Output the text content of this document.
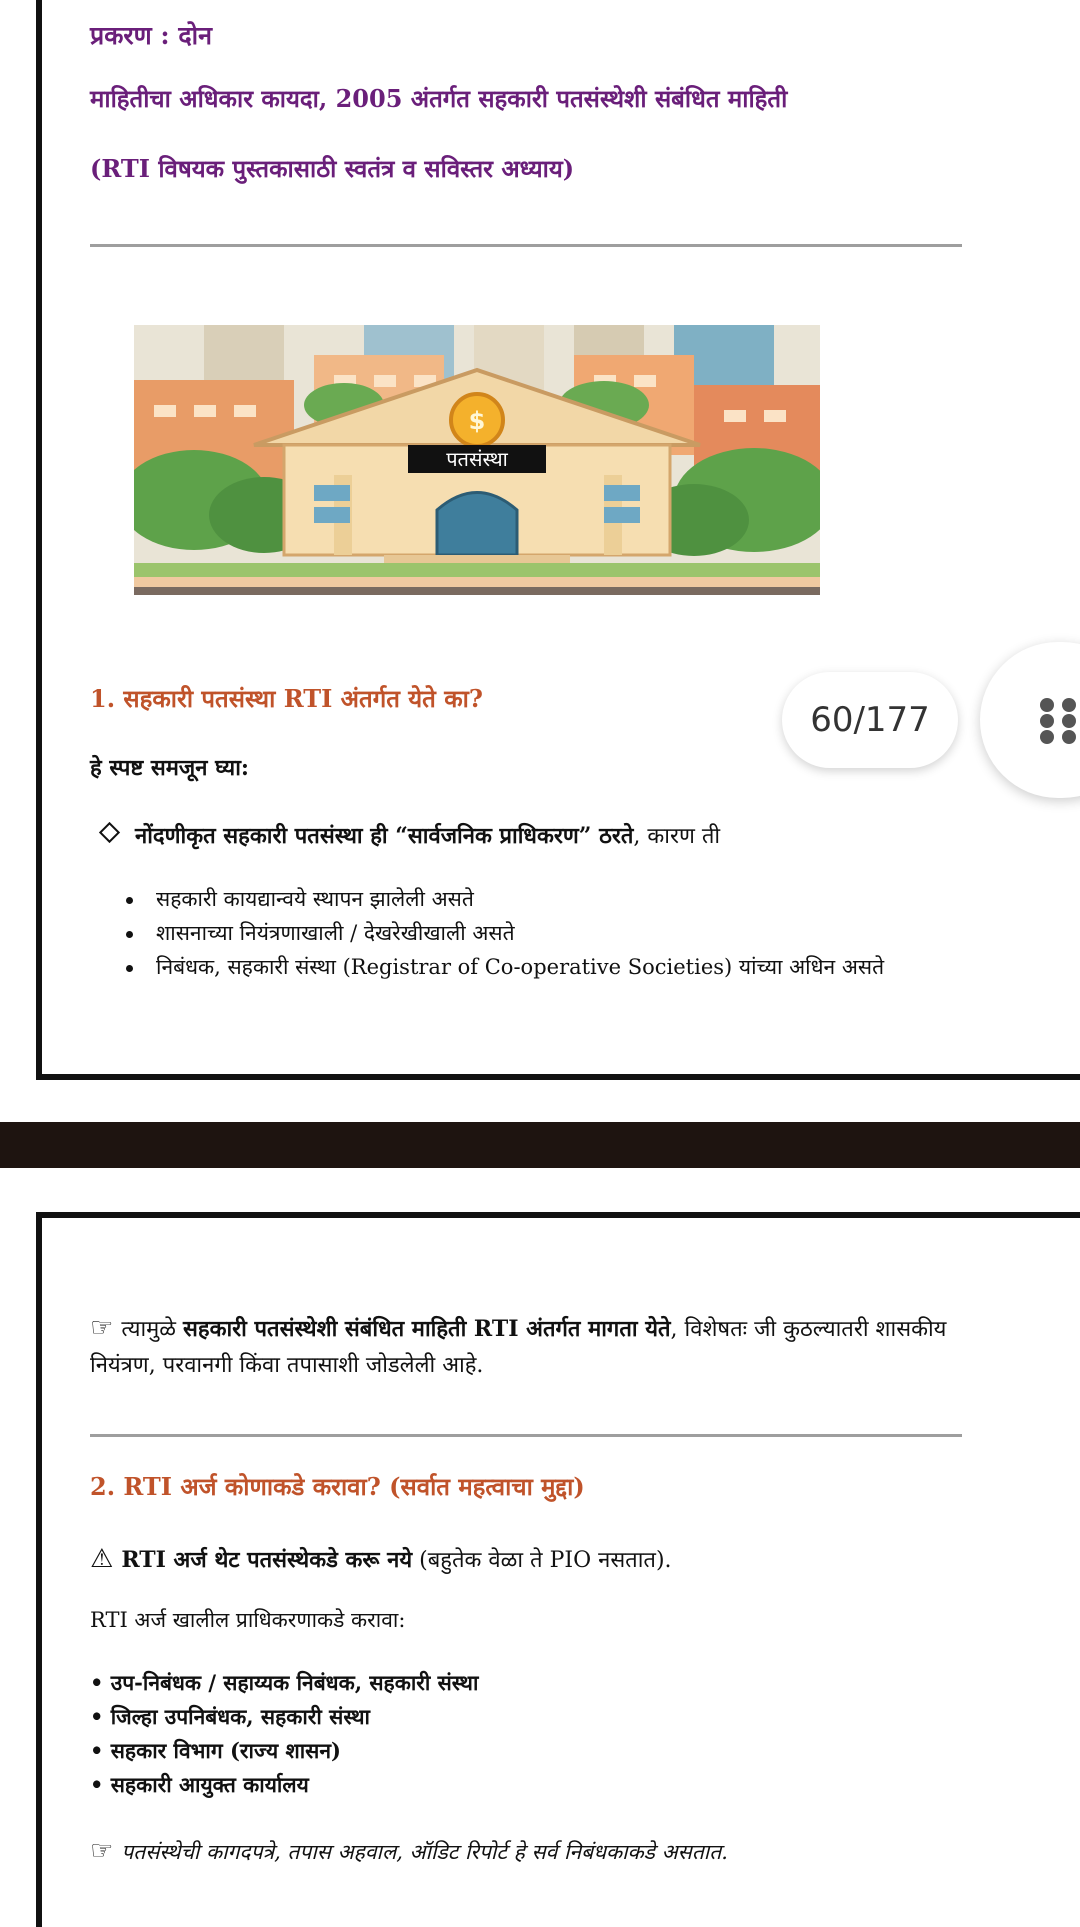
प्रकरण : दोन
माहितीचा अधिकार कायदा, 2005 अंतर्गत सहकारी पतसंस्थेशी संबंधित माहिती
(RTI विषयक पुस्तकासाठी स्वतंत्र व सविस्तर अध्याय)
$
पतसंस्था
1. सहकारी पतसंस्था RTI अंतर्गत येते का?
हे स्पष्ट समजून घ्या:
नोंदणीकृत सहकारी पतसंस्था ही “सार्वजनिक प्राधिकरण” ठरते, कारण ती
सहकारी कायद्यान्वये स्थापन झालेली असते
शासनाच्या नियंत्रणाखाली / देखरेखीखाली असते
निबंधक, सहकारी संस्था (Registrar of Co-operative Societies) यांच्या अधिन असते
☞ त्यामुळे सहकारी पतसंस्थेशी संबंधित माहिती RTI अंतर्गत मागता येते, विशेषतः जी कुठल्यातरी शासकीय नियंत्रण, परवानगी किंवा तपासाशी जोडलेली आहे.
2. RTI अर्ज कोणाकडे करावा? (सर्वात महत्वाचा मुद्दा)
⚠ RTI अर्ज थेट पतसंस्थेकडे करू नये (बहुतेक वेळा ते PIO नसतात).
RTI अर्ज खालील प्राधिकरणाकडे करावा:
• उप-निबंधक / सहाय्यक निबंधक, सहकारी संस्था
• जिल्हा उपनिबंधक, सहकारी संस्था
• सहकार विभाग (राज्य शासन)
• सहकारी आयुक्त कार्यालय
☞ पतसंस्थेची कागदपत्रे, तपास अहवाल, ऑडिट रिपोर्ट हे सर्व निबंधकाकडे असतात.
60/177
